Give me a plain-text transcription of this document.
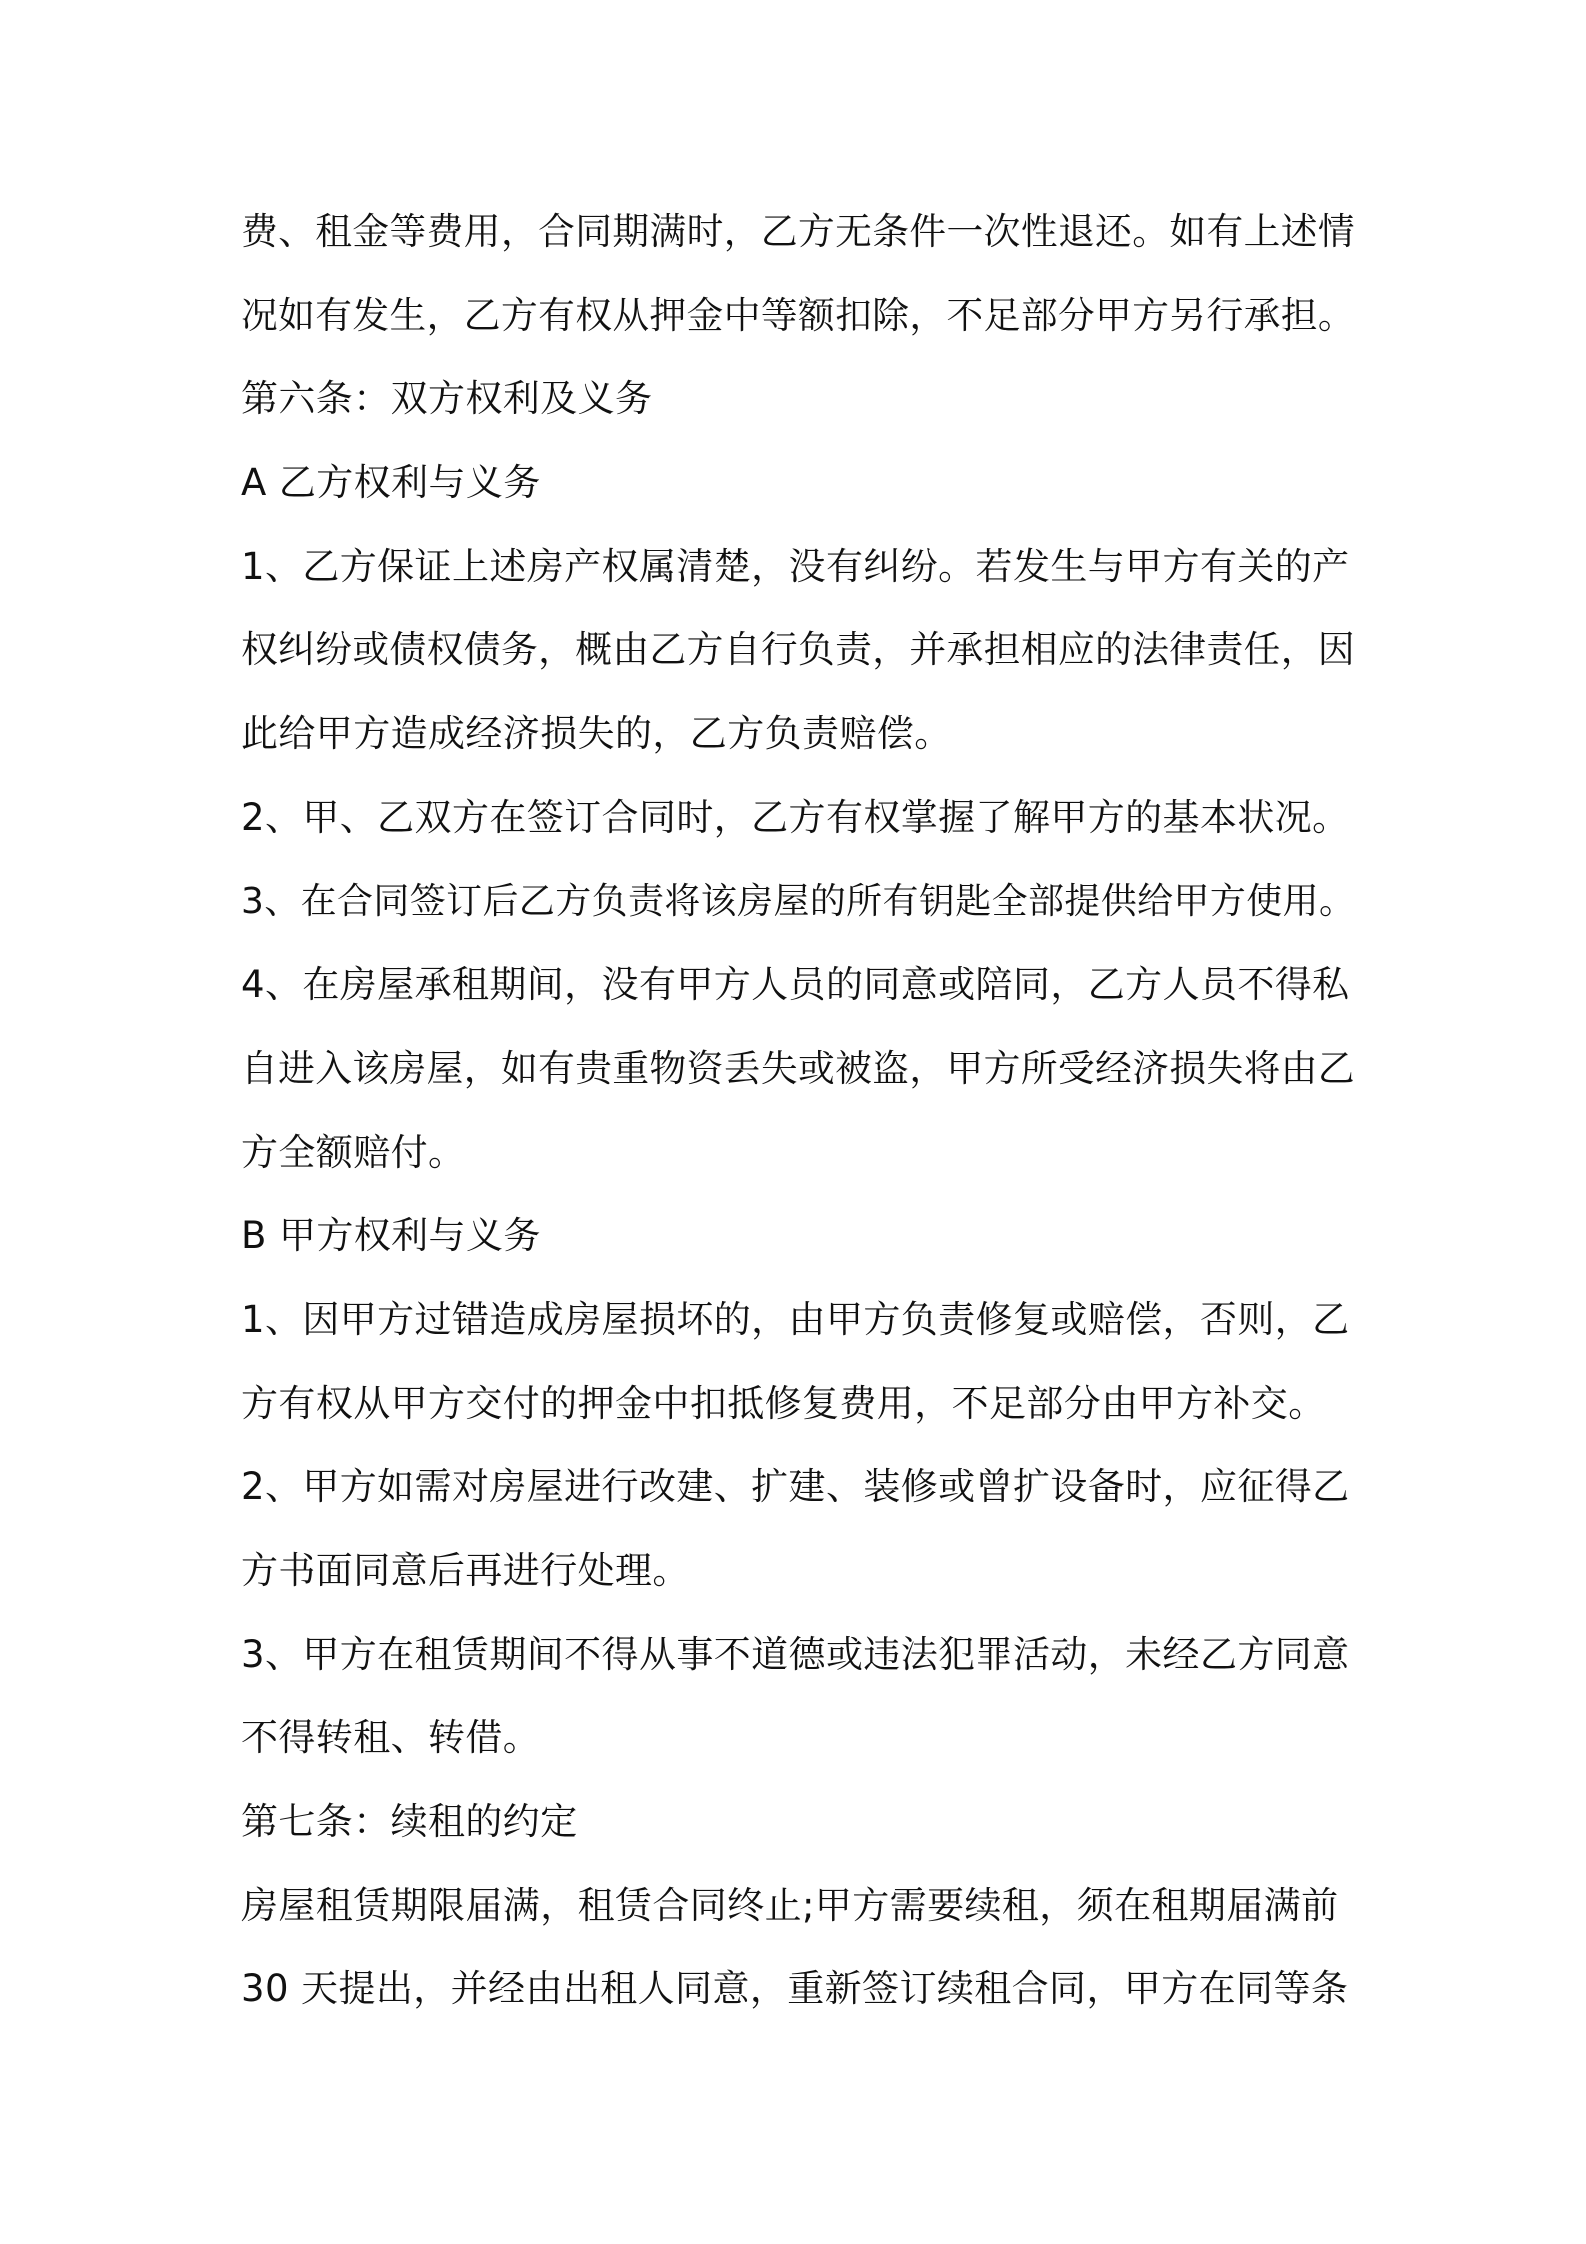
费、租金等费用，合同期满时，乙方无条件一次性退还。如有上述情
况如有发生，乙方有权从押金中等额扣除，不足部分甲方另行承担。
第六条：双方权利及义务
A 乙方权利与义务
1、乙方保证上述房产权属清楚，没有纠纷。若发生与甲方有关的产
权纠纷或债权债务，概由乙方自行负责，并承担相应的法律责任，因
此给甲方造成经济损失的，乙方负责赔偿。
2、甲、乙双方在签订合同时，乙方有权掌握了解甲方的基本状况。
3、在合同签订后乙方负责将该房屋的所有钥匙全部提供给甲方使用。
4、在房屋承租期间，没有甲方人员的同意或陪同，乙方人员不得私
自进入该房屋，如有贵重物资丢失或被盗，甲方所受经济损失将由乙
方全额赔付。
B 甲方权利与义务
1、因甲方过错造成房屋损坏的，由甲方负责修复或赔偿，否则，乙
方有权从甲方交付的押金中扣抵修复费用，不足部分由甲方补交。
2、甲方如需对房屋进行改建、扩建、装修或曾扩设备时，应征得乙
方书面同意后再进行处理。
3、甲方在租赁期间不得从事不道德或违法犯罪活动，未经乙方同意
不得转租、转借。
第七条：续租的约定
房屋租赁期限届满，租赁合同终止;甲方需要续租，须在租期届满前
30 天提出，并经由出租人同意，重新签订续租合同，甲方在同等条
